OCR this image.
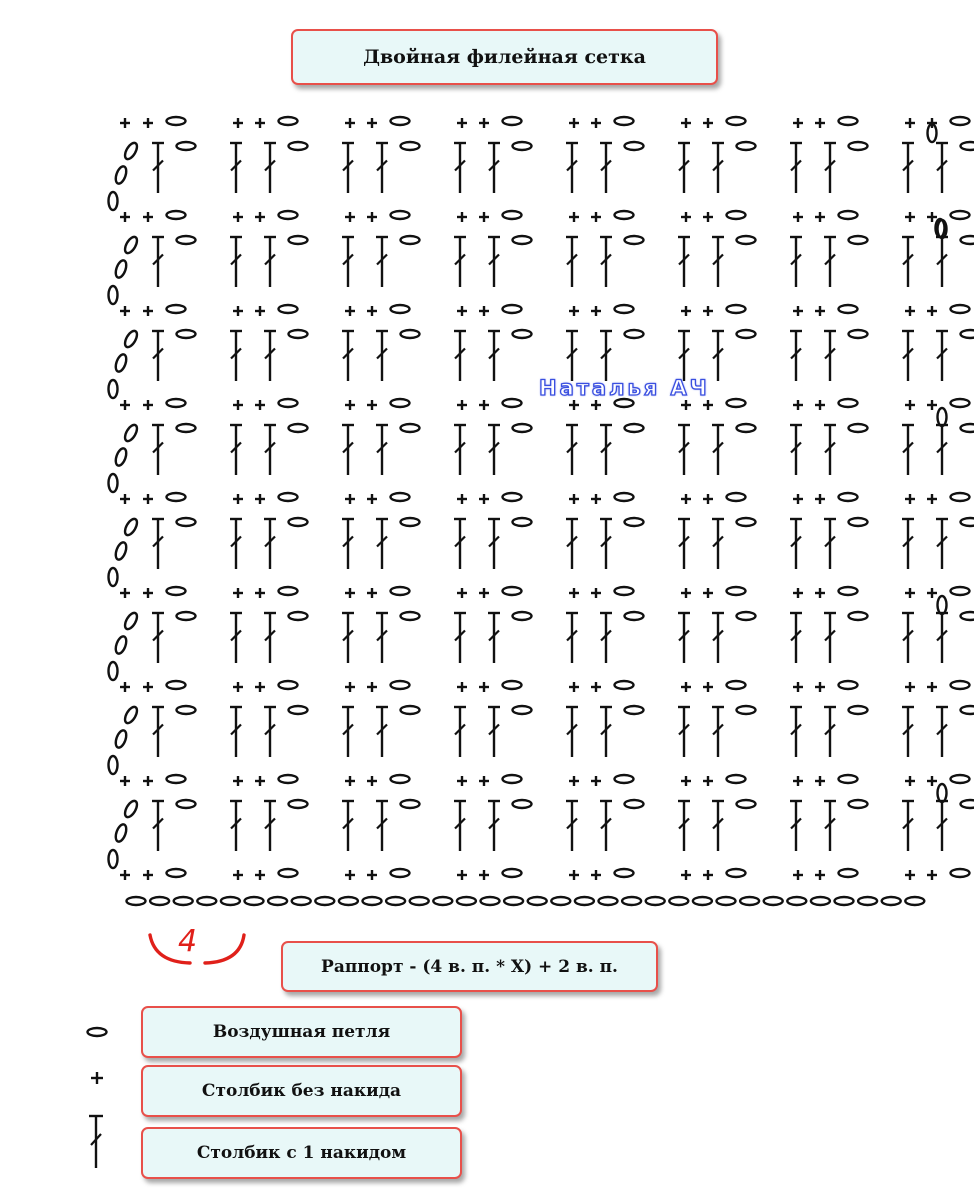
Двойная филейная сетка
Наталья АЧ
4
Раппорт - (4 в. п. * Х) + 2 в. п.
Воздушная петля
Столбик без накида
Столбик с 1 накидом
